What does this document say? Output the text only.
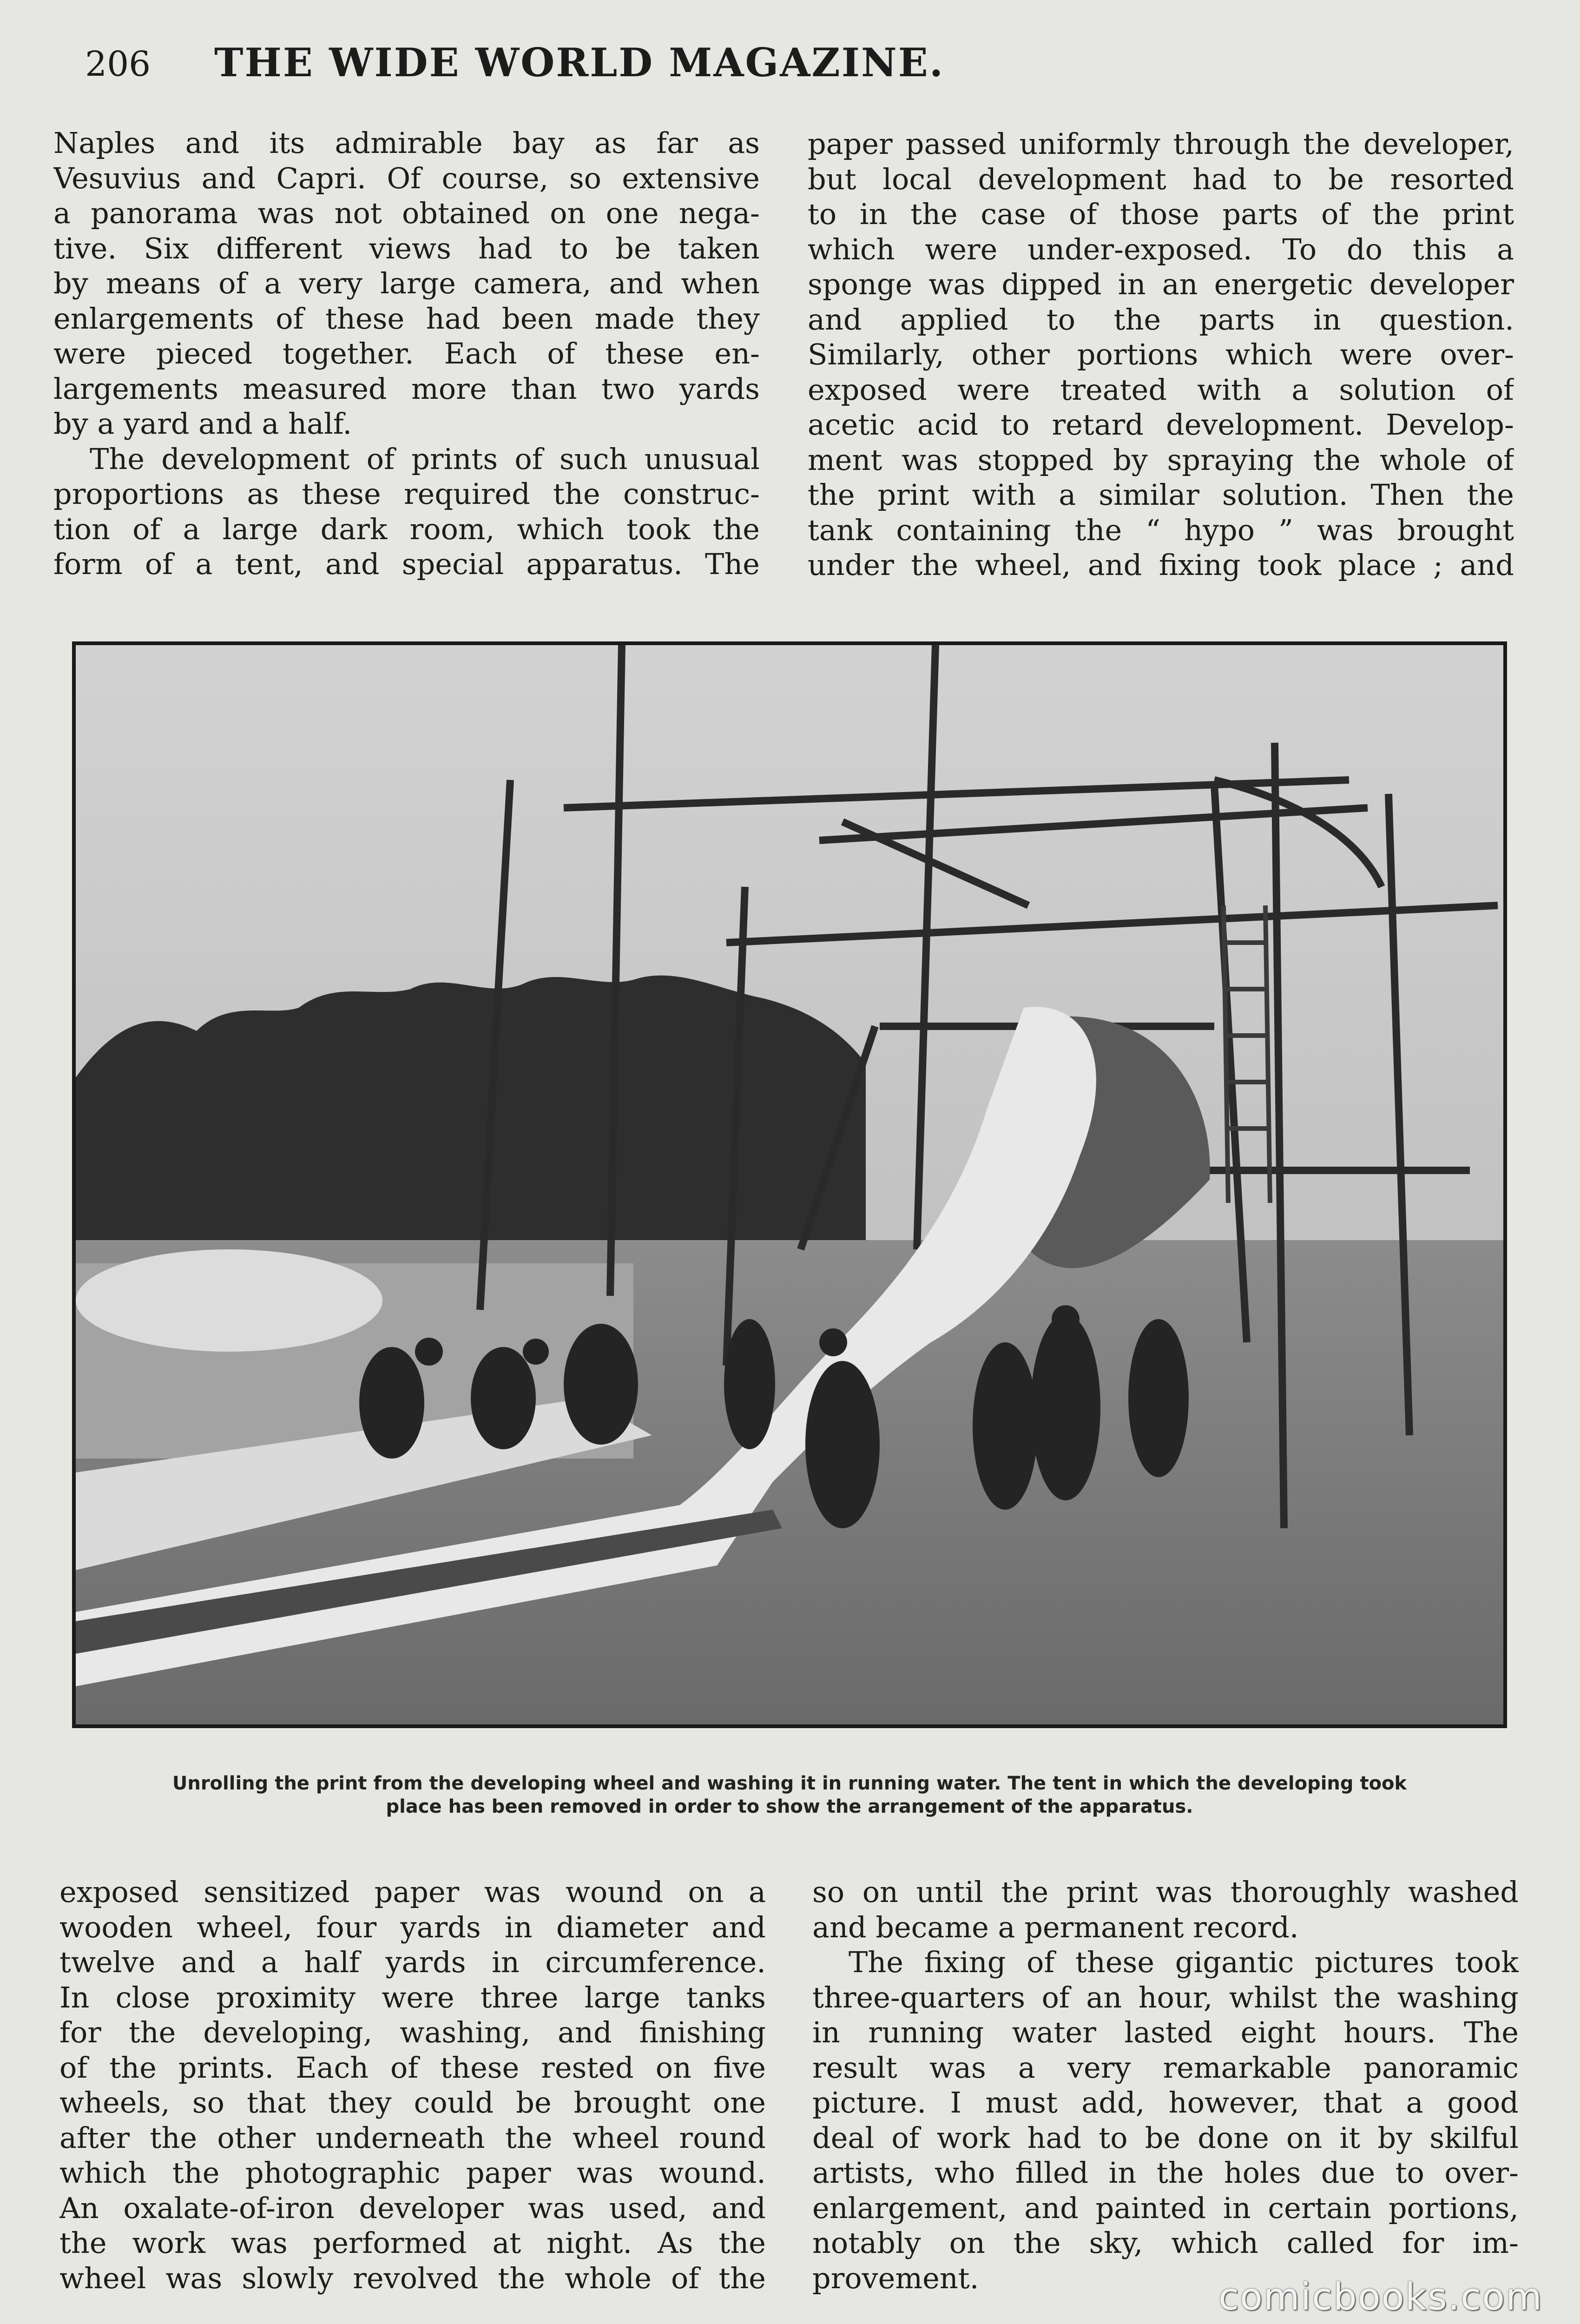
206 THE WIDE WORLD MAGAZINE.
Naples and its admirable bay as far as
Vesuvius and Capri. Of course, so extensive
a panorama was not obtained on one nega-
tive. Six different views had to be taken
by means of a very large camera, and when
enlargements of these had been made they
were pieced together. Each of these en-
largements measured more than two yards
by a yard and a half.
The development of prints of such unusual
proportions as these required the construc-
tion of a large dark room, which took the
form of a tent, and special apparatus. The
paper passed uniformly through the developer,
but local development had to be resorted
to in the case of those parts of the print
which were under-exposed. To do this a
sponge was dipped in an energetic developer
and applied to the parts in question.
Similarly, other portions which were over-
exposed were treated with a solution of
acetic acid to retard development. Develop-
ment was stopped by spraying the whole of
the print with a similar solution. Then the
tank containing the “ hypo ” was brought
under the wheel, and fixing took place ; and
Unrolling the print from the developing wheel and washing it in running water. The tent in which the developing took
place has been removed in order to show the arrangement of the apparatus.
exposed sensitized paper was wound on a
wooden wheel, four yards in diameter and
twelve and a half yards in circumference.
In close proximity were three large tanks
for the developing, washing, and finishing
of the prints. Each of these rested on five
wheels, so that they could be brought one
after the other underneath the wheel round
which the photographic paper was wound.
An oxalate-of-iron developer was used, and
the work was performed at night. As the
wheel was slowly revolved the whole of the
so on until the print was thoroughly washed
and became a permanent record.
The fixing of these gigantic pictures took
three-quarters of an hour, whilst the washing
in running water lasted eight hours. The
result was a very remarkable panoramic
picture. I must add, however, that a good
deal of work had to be done on it by skilful
artists, who filled in the holes due to over-
enlargement, and painted in certain portions,
notably on the sky, which called for im-
provement.	comicbooks.com
